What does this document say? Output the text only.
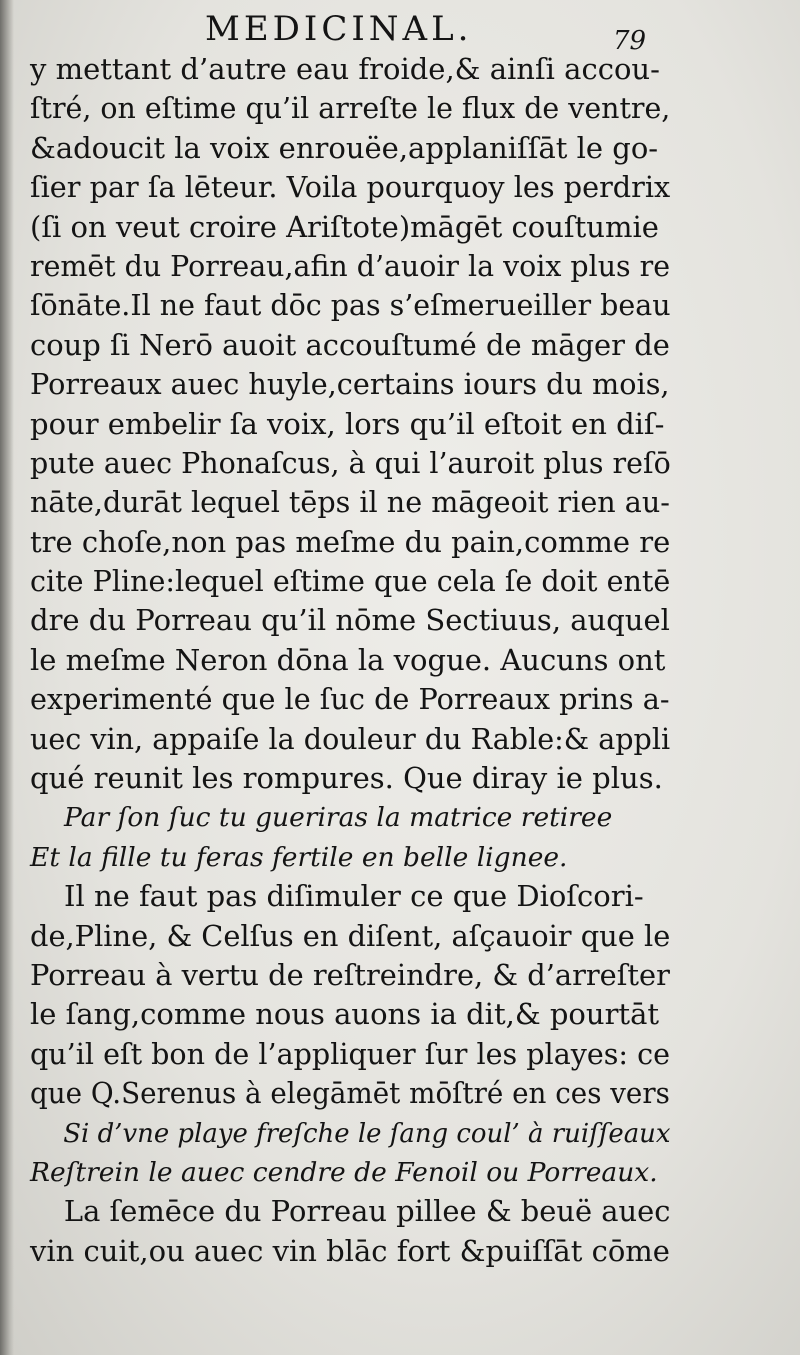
MEDICINAL.	79
y mettant d’autre eau froide,& ainſi accou-
ſtré, on eſtime qu’il arreſte le flux de ventre,
&adoucit la voix enrouëe,applaniſſāt le go-
ſier par ſa lēteur. Voila pourquoy les perdrix
(ſi on veut croire Ariſtote)māgēt couſtumie
remēt du Porreau,afin d’auoir la voix plus re
ſōnāte.Il ne faut dōc pas s’eſmerueiller beau
coup ſi Nerō auoit accouſtumé de māger de
Porreaux auec huyle,certains iours du mois,
pour embelir ſa voix, lors qu’il eſtoit en diſ-
pute auec Phonaſcus, à qui l’auroit plus reſō
nāte,durāt lequel tēps il ne māgeoit rien au-
tre choſe,non pas meſme du pain,comme re
cite Pline:lequel eſtime que cela ſe doit entē
dre du Porreau qu’il nōme Sectiuus, auquel
le meſme Neron dōna la vogue. Aucuns ont
experimenté que le ſuc de Porreaux prins a-
uec vin, appaiſe la douleur du Rable:& appli
qué reunit les rompures. Que diray ie plus.
Par ſon ſuc tu gueriras la matrice retiree
Et la fille tu feras fertile en belle lignee.
Il ne faut pas diſimuler ce que Dioſcori-
de,Pline, & Celſus en diſent, aſçauoir que le
Porreau à vertu de reſtreindre, & d’arreſter
le ſang,comme nous auons ia dit,& pourtāt
qu’il eſt bon de l’appliquer ſur les playes: ce
que Q.Serenus à elegāmēt mōſtré en ces vers
Si d’vne playe freſche le ſang coul’ à ruiſſeaux
Reſtrein le auec cendre de Fenoil ou Porreaux.
La ſemēce du Porreau pillee & beuë auec
vin cuit,ou auec vin blāc fort &puiſſāt cōme
